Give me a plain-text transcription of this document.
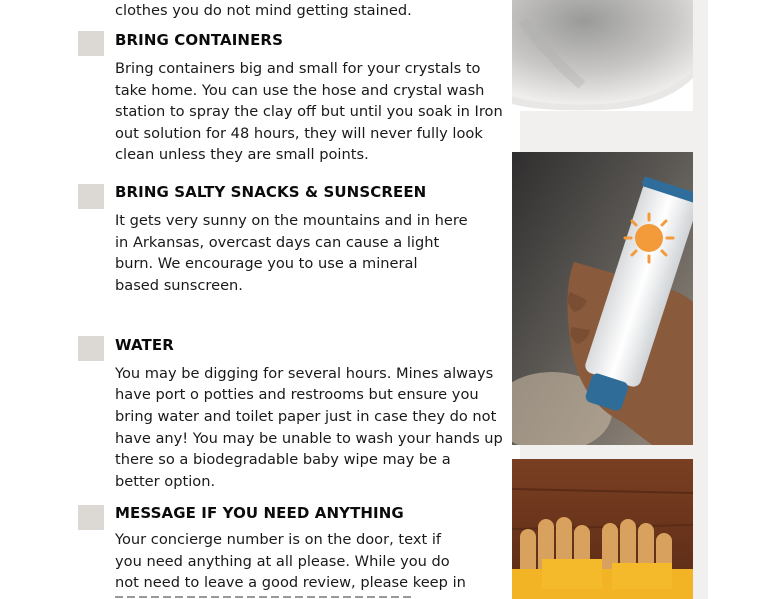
clothes you do not mind getting stained.
BRING CONTAINERS
Bring containers big and small for your crystals to
take home. You can use the hose and crystal wash
station to spray the clay off but until you soak in Iron
out solution for 48 hours, they will never fully look
clean unless they are small points.
BRING SALTY SNACKS & SUNSCREEN
It gets very sunny on the mountains and in here
in Arkansas, overcast days can cause a light
burn. We encourage you to use a mineral
based sunscreen.
WATER
You may be digging for several hours. Mines always
have port o potties and restrooms but ensure you
bring water and toilet paper just in case they do not
have any! You may be unable to wash your hands up
there so a biodegradable baby wipe may be a
better option.
MESSAGE IF YOU NEED ANYTHING
Your concierge number is on the door, text if
you need anything at all please. While you do
not need to leave a good review, please keep in
